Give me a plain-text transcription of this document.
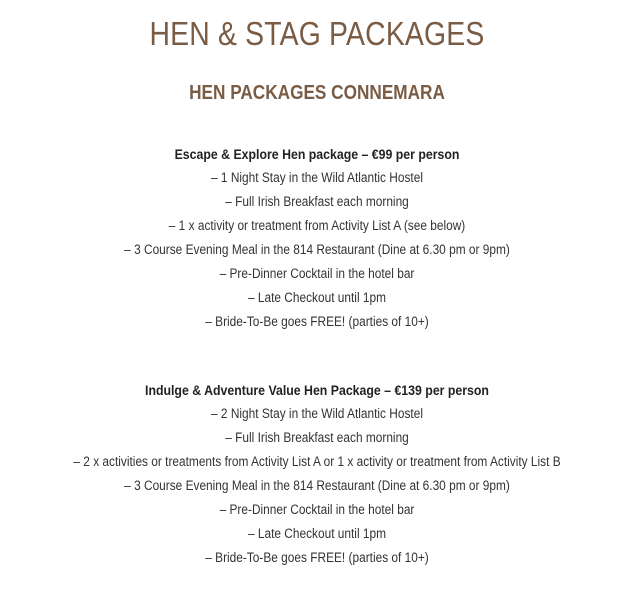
HEN & STAG PACKAGES
HEN PACKAGES CONNEMARA
Escape & Explore Hen package – €99 per person
– 1 Night Stay in the Wild Atlantic Hostel
– Full Irish Breakfast each morning
– 1 x activity or treatment from Activity List A (see below)
– 3 Course Evening Meal in the 814 Restaurant (Dine at 6.30 pm or 9pm)
– Pre-Dinner Cocktail in the hotel bar
– Late Checkout until 1pm
– Bride-To-Be goes FREE! (parties of 10+)
Indulge & Adventure Value Hen Package – €139 per person
– 2 Night Stay in the Wild Atlantic Hostel
– Full Irish Breakfast each morning
– 2 x activities or treatments from Activity List A or 1 x activity or treatment from Activity List B
– 3 Course Evening Meal in the 814 Restaurant (Dine at 6.30 pm or 9pm)
– Pre-Dinner Cocktail in the hotel bar
– Late Checkout until 1pm
– Bride-To-Be goes FREE! (parties of 10+)
